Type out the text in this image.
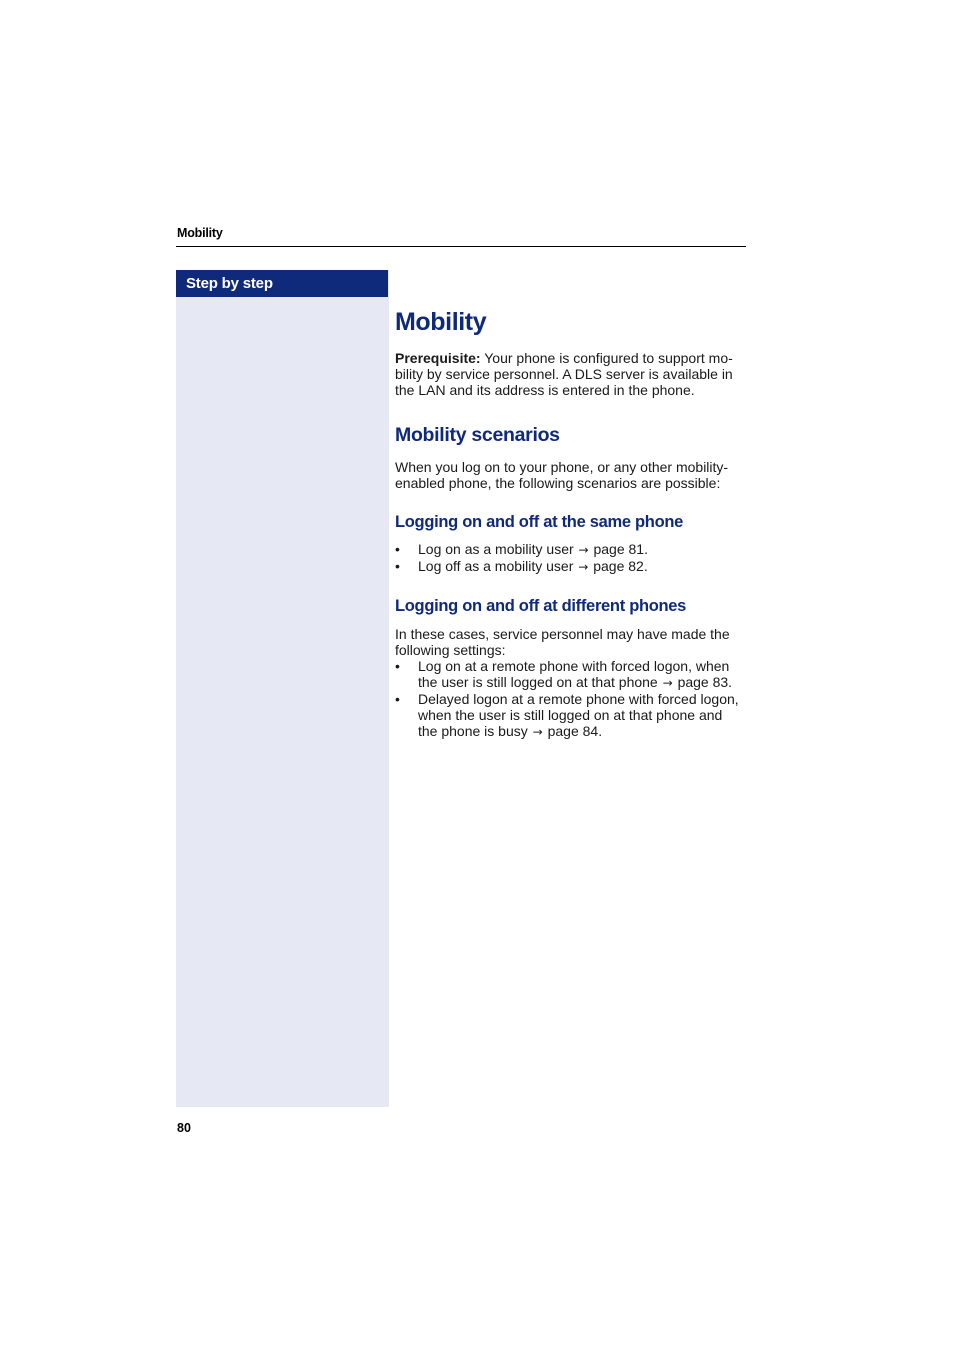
Mobility
Step by step
Mobility

Prerequisite: Your phone is configured to support mo-
bility by service personnel. A DLS server is available in
the LAN and its address is entered in the phone.

Mobility scenarios

When you log on to your phone, or any other mobility-
enabled phone, the following scenarios are possible:

Logging on and off at the same phone
• Log on as a mobility user → page 81.
• Log off as a mobility user → page 82.
Logging on and off at different phones

In these cases, service personnel may have made the
following settings:

• Log on at a remote phone with forced logon, when
the user is still logged on at that phone → page 83.
• Delayed logon at a remote phone with forced logon,
when the user is still logged on at that phone and
the phone is busy → page 84.
80
